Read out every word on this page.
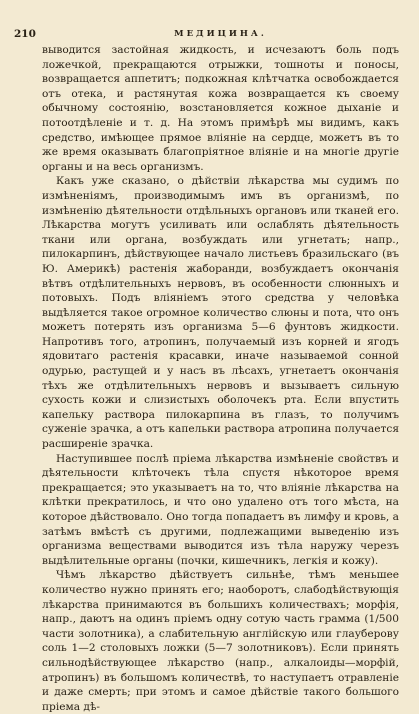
210	МЕДИЦИНА.

выводится застойная жидкость, и исчезаютъ боль подъ ложечкой, прекращаются отрыжки, тошноты и поносы, возвращается аппетитъ; подкожная клѣтчатка освобождается отъ отека, и растянутая кожа возвращается къ своему обычному состоянію, возстановляется кожное дыханіе и потоотдѣленіе и т. д. На этомъ примѣрѣ мы видимъ, какъ средство, имѣющее прямое вліяніе на сердце, можетъ въ то же время оказывать благопріятное вліяніе и на многіе другіе органы и на весь организмъ.

Какъ уже сказано, о дѣйствіи лѣкарства мы судимъ по измѣненіямъ, производимымъ имъ въ организмѣ, по измѣненію дѣятельности отдѣльныхъ органовъ или тканей его. Лѣкарства могутъ усиливать или ослаблять дѣятельность ткани или органа, возбуждать или угнетать; напр., пилокарпинъ, дѣйствующее начало листьевъ бразильскаго (въ Ю. Америкѣ) растенія жаборанди, возбуждаетъ окончанія вѣтвъ отдѣлительныхъ нервовъ, въ особенности слюнныхъ и потовыхъ. Подъ вліяніемъ этого средства у человѣка выдѣляется такое огромное количество слюны и пота, что онъ можетъ потерять изъ организма 5—6 фунтовъ жидкости. Напротивъ того, атропинъ, получаемый изъ корней и ягодъ ядовитаго растенія красавки, иначе называемой сонной одурью, растущей и у насъ въ лѣсахъ, угнетаетъ окончанія тѣхъ же отдѣлительныхъ нервовъ и вызываетъ сильную сухость кожи и слизистыхъ оболочекъ рта. Если впустить капельку раствора пилокарпина въ глазъ, то получимъ суженіе зрачка, а отъ капельки раствора атропина получается расширеніе зрачка.

Наступившее послѣ пріема лѣкарства измѣненіе свойствъ и дѣятельности клѣточекъ тѣла спустя нѣкоторое время прекращается; это указываетъ на то, что вліяніе лѣкарства на клѣтки прекратилось, и что оно удалено отъ того мѣста, на которое дѣйствовало. Оно тогда попадаетъ въ лимфу и кровь, а затѣмъ вмѣстѣ съ другими, подлежащими выведенію изъ организма веществами выводится изъ тѣла наружу черезъ выдѣлительные органы (почки, кишечникъ, легкія и кожу).

Чѣмъ лѣкарство дѣйствуетъ сильнѣе, тѣмъ меньшее количество нужно принять его; наоборотъ, слабодѣйствующія лѣкарства принимаются въ большихъ количествахъ; морфія, напр., даютъ на одинъ пріемъ одну сотую часть грамма (1/500 части золотника), а слабительную англійскую или глауберову соль 1—2 столовыхъ ложки (5—7 золотниковъ). Если принять сильнодѣйствующее лѣкарство (напр., алкалоиды—морфій, атропинъ) въ большомъ количествѣ, то наступаетъ отравленіе и даже смерть; при этомъ и самое дѣйствіе такого большого пріема дѣ-
